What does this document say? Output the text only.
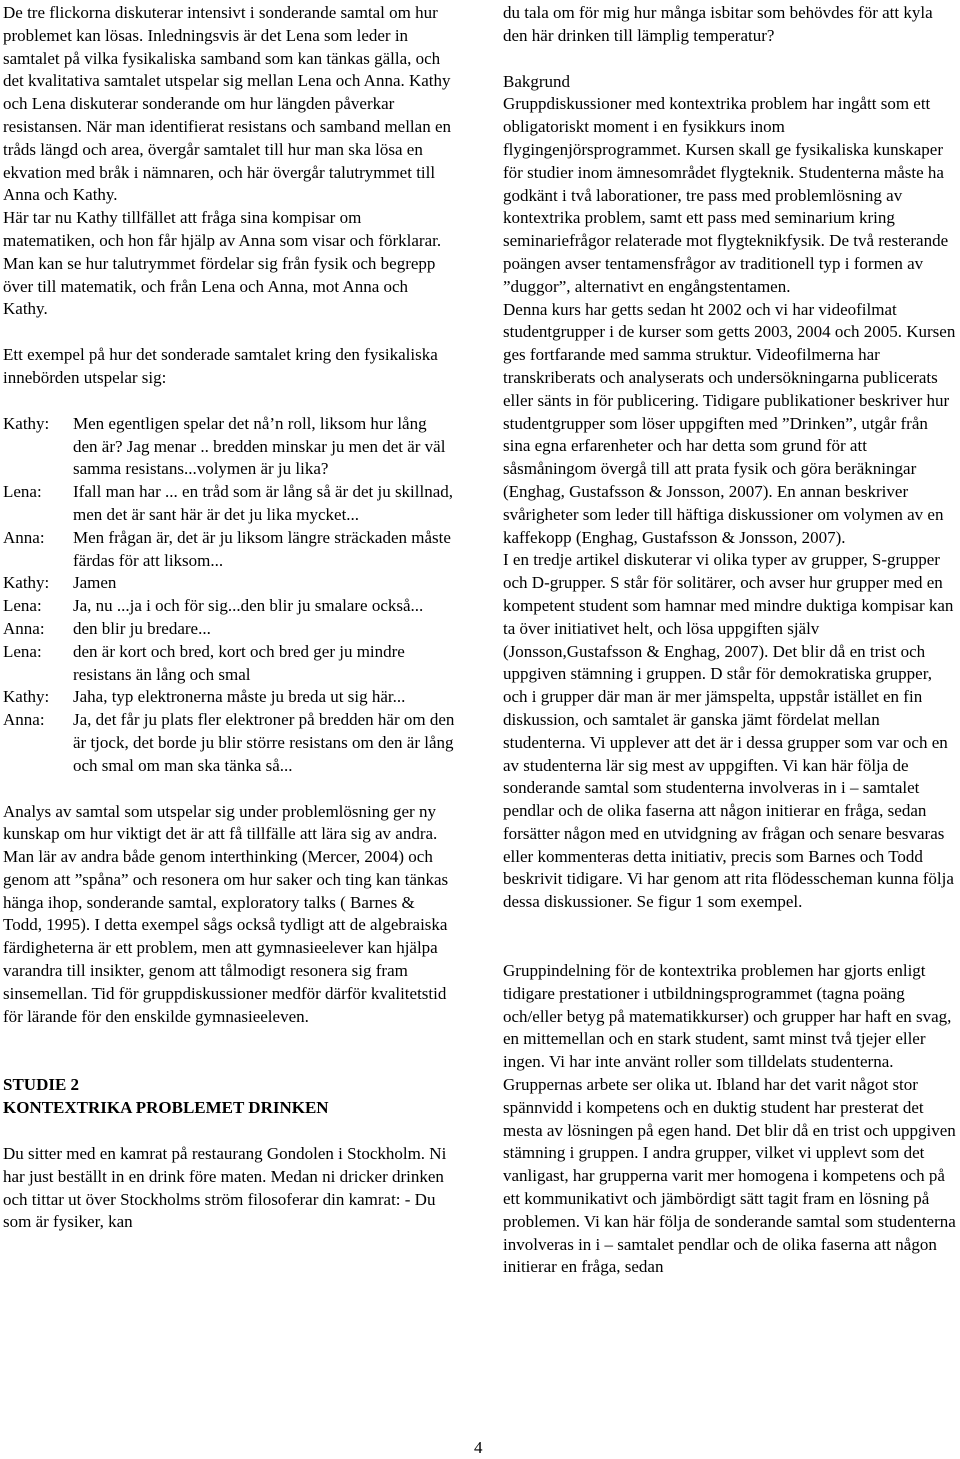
De tre flickorna diskuterar intensivt i sonderande samtal om hur problemet kan lösas. Inledningsvis är det Lena som leder in samtalet på vilka fysikaliska samband som kan tänkas gälla, och det kvalitativa samtalet utspelar sig mellan Lena och Anna. Kathy och Lena diskuterar sonderande om hur längden påverkar resistansen. När man identifierat resistans och samband mellan en tråds längd och area, övergår samtalet till hur man ska lösa en ekvation med bråk i nämnaren, och här övergår talutrymmet till Anna och Kathy.

Här tar nu Kathy tillfället att fråga sina kompisar om matematiken, och hon får hjälp av Anna som visar och förklarar. Man kan se hur talutrymmet fördelar sig från fysik och begrepp över till matematik, och från Lena och Anna, mot Anna och Kathy.

Ett exempel på hur det sonderade samtalet kring den fysikaliska innebörden utspelar sig:

Kathy:	Men egentligen spelar det nå’n roll, liksom hur lång den är? Jag menar .. bredden minskar ju men det är väl samma resistans...volymen är ju lika?
Lena:	Ifall man har ... en tråd som är lång så är det ju skillnad, men det är sant här är det ju lika mycket...
Anna:	Men frågan är, det är ju liksom längre sträckaden måste färdas för att liksom...
Kathy:	Jamen
Lena:	Ja, nu ...ja i och för sig...den blir ju smalare också...
Anna:	den blir ju bredare...
Lena:	den är kort och bred, kort och bred ger ju mindre resistans än lång och smal
Kathy:	Jaha, typ elektronerna måste ju breda ut sig här...
Anna:	Ja, det får ju plats fler elektroner på bredden här om den är tjock, det borde ju blir större resistans om den är lång och smal om man ska tänka så...

Analys av samtal som utspelar sig under problemlösning ger ny kunskap om hur viktigt det är att få tillfälle att lära sig av andra. Man lär av andra både genom interthinking (Mercer, 2004) och genom att ”spåna” och resonera om hur saker och ting kan tänkas hänga ihop, sonderande samtal, exploratory talks ( Barnes & Todd, 1995). I detta exempel sågs också tydligt att de algebraiska färdigheterna är ett problem, men att gymnasieelever kan hjälpa varandra till insikter, genom att tålmodigt resonera sig fram sinsemellan. Tid för gruppdiskussioner medför därför kvalitetstid för lärande för den enskilde gymnasieeleven.

STUDIE 2

KONTEXTRIKA PROBLEMET DRINKEN

Du sitter med en kamrat på restaurang Gondolen i Stockholm. Ni har just beställt in en drink före maten. Medan ni dricker drinken och tittar ut över Stockholms ström filosoferar din kamrat: - Du som är fysiker, kan

du tala om för mig hur många isbitar som behövdes för att kyla den här drinken till lämplig temperatur?

Bakgrund

Gruppdiskussioner med kontextrika problem har ingått som ett obligatoriskt moment i en fysikkurs inom flygingenjörsprogrammet. Kursen skall ge fysikaliska kunskaper för studier inom ämnesområdet flygteknik. Studenterna måste ha godkänt i två laborationer, tre pass med problemlösning av kontextrika problem, samt ett pass med seminarium kring seminariefrågor relaterade mot flygteknikfysik. De två resterande poängen avser tentamensfrågor av traditionell typ i formen av ”duggor”, alternativt en engångstentamen.

Denna kurs har getts sedan ht 2002 och vi har videofilmat studentgrupper i de kurser som getts 2003, 2004 och 2005. Kursen ges fortfarande med samma struktur. Videofilmerna har transkriberats och analyserats och undersökningarna publicerats eller sänts in för publicering. Tidigare publikationer beskriver hur studentgrupper som löser uppgiften med ”Drinken”, utgår från sina egna erfarenheter och har detta som grund för att såsmåningom övergå till att prata fysik och göra beräkningar (Enghag, Gustafsson & Jonsson, 2007). En annan beskriver svårigheter som leder till häftiga diskussioner om volymen av en kaffekopp (Enghag, Gustafsson & Jonsson, 2007).

I en tredje artikel diskuterar vi olika typer av grupper, S-grupper och D-grupper. S står för solitärer, och avser hur grupper med en kompetent student som hamnar med mindre duktiga kompisar kan ta över initiativet helt, och lösa uppgiften själv (Jonsson,Gustafsson & Enghag, 2007). Det blir då en trist och uppgiven stämning i gruppen. D står för demokratiska grupper, och i grupper där man är mer jämspelta, uppstår istället en fin diskussion, och samtalet är ganska jämt fördelat mellan studenterna. Vi upplever att det är i dessa grupper som var och en av studenterna lär sig mest av uppgiften. Vi kan här följa de sonderande samtal som studenterna involveras in i – samtalet pendlar och de olika faserna att någon initierar en fråga, sedan forsätter någon med en utvidgning av frågan och senare besvaras eller kommenteras detta initiativ, precis som Barnes och Todd beskrivit tidigare. Vi har genom att rita flödesscheman kunna följa dessa diskussioner. Se figur 1 som exempel.

Gruppindelning för de kontextrika problemen har gjorts enligt tidigare prestationer i utbildningsprogrammet (tagna poäng och/eller betyg på matematikkurser) och grupper har haft en svag, en mittemellan och en stark student, samt minst två tjejer eller ingen. Vi har inte använt roller som tilldelats studenterna. Gruppernas arbete ser olika ut. Ibland har det varit något stor spännvidd i kompetens och en duktig student har presterat det mesta av lösningen på egen hand. Det blir då en trist och uppgiven stämning i gruppen. I andra grupper, vilket vi upplevt som det vanligast, har grupperna varit mer homogena i kompetens och på ett kommunikativt och jämbördigt sätt tagit fram en lösning på problemen. Vi kan här följa de sonderande samtal som studenterna involveras in i – samtalet pendlar och de olika faserna att någon initierar en fråga, sedan

4
